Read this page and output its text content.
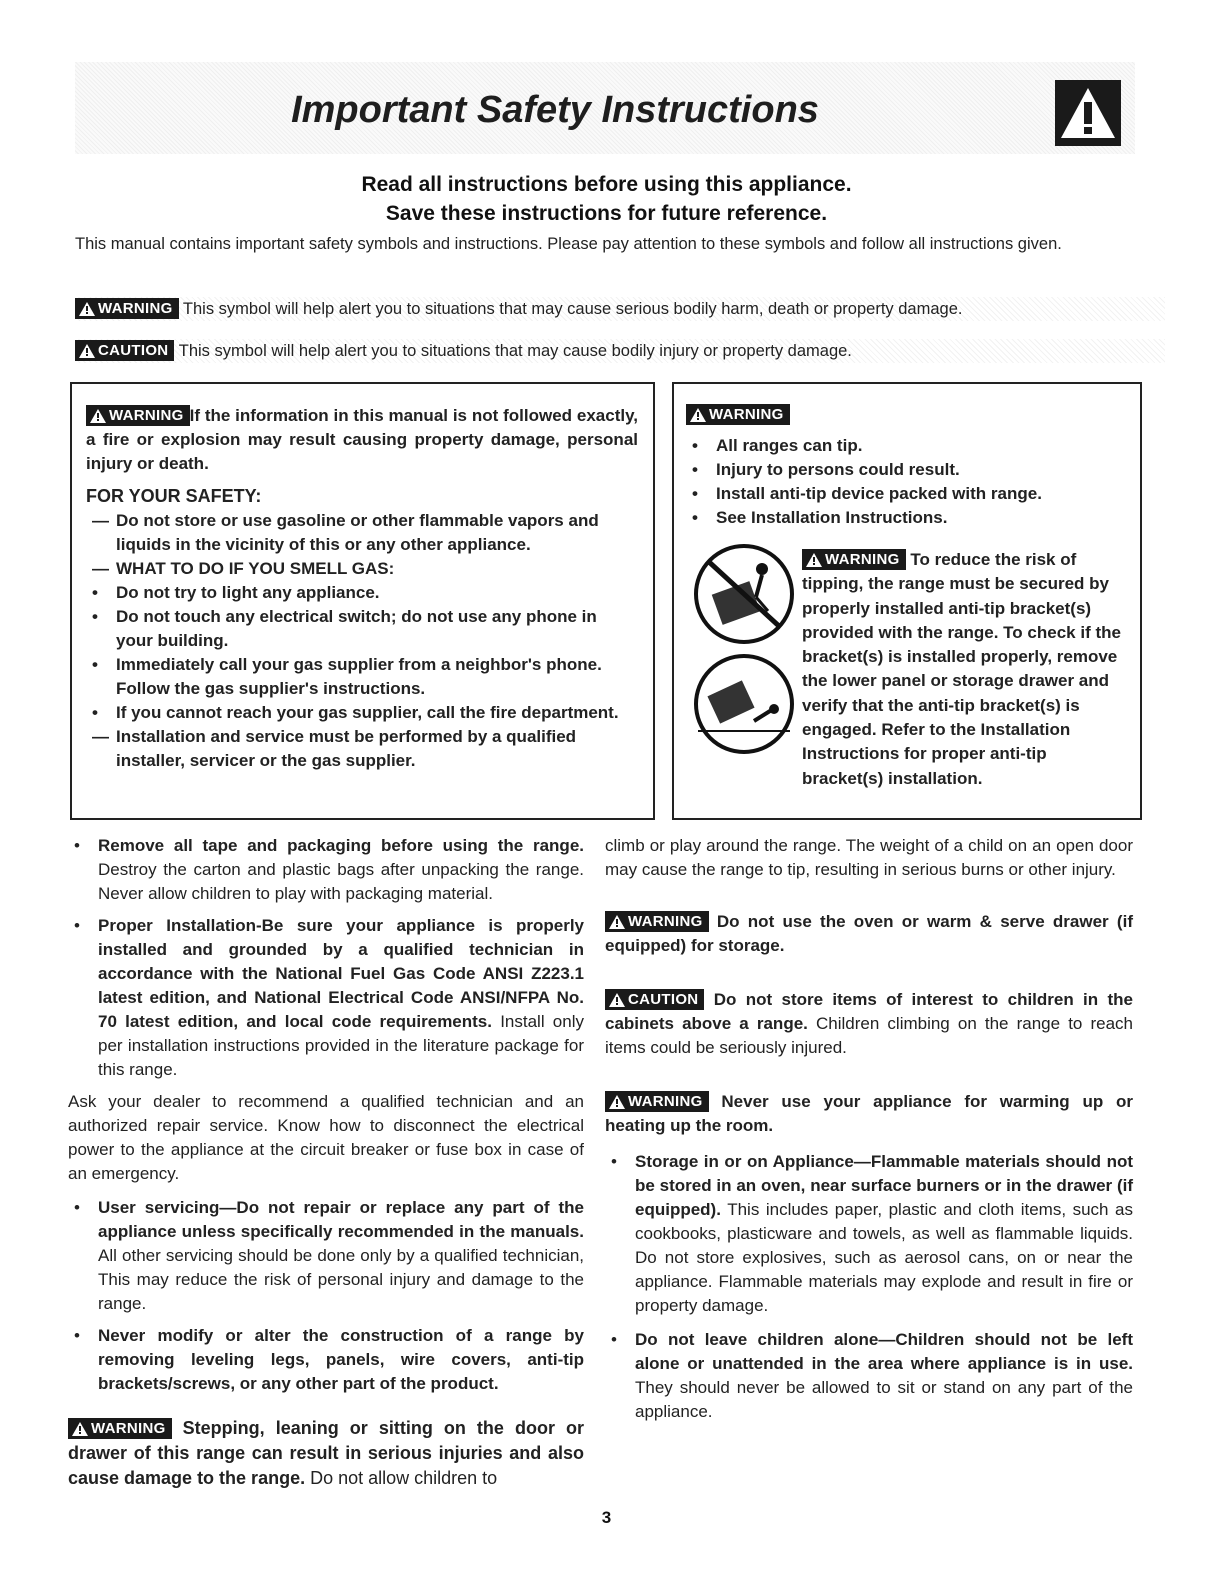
Important Safety Instructions
Read all instructions before using this appliance.
Save these instructions for future reference.
This manual contains important safety symbols and instructions. Please pay attention to these symbols and follow all instructions given.
WARNING This symbol will help alert you to situations that may cause serious bodily harm, death or property damage.
CAUTION This symbol will help alert you to situations that may cause bodily injury or property damage.
WARNING If the information in this manual is not followed exactly, a fire or explosion may result causing property damage, personal injury or death.
FOR YOUR SAFETY:
— Do not store or use gasoline or other flammable vapors and liquids in the vicinity of this or any other appliance.
— WHAT TO DO IF YOU SMELL GAS:
• Do not try to light any appliance.
• Do not touch any electrical switch; do not use any phone in your building.
• Immediately call your gas supplier from a neighbor's phone. Follow the gas supplier's instructions.
• If you cannot reach your gas supplier, call the fire department.
— Installation and service must be performed by a qualified installer, servicer or the gas supplier.
WARNING
• All ranges can tip.
• Injury to persons could result.
• Install anti-tip device packed with range.
• See Installation Instructions.
WARNING To reduce the risk of tipping, the range must be secured by properly installed anti-tip bracket(s) provided with the range. To check if the bracket(s) is installed properly, remove the lower panel or storage drawer and verify that the anti-tip bracket(s) is engaged. Refer to the Installation Instructions for proper anti-tip bracket(s) installation.
• Remove all tape and packaging before using the range. Destroy the carton and plastic bags after unpacking the range. Never allow children to play with packaging material.
• Proper Installation-Be sure your appliance is properly installed and grounded by a qualified technician in accordance with the National Fuel Gas Code ANSI Z223.1 latest edition, and National Electrical Code ANSI/NFPA No. 70 latest edition, and local code requirements. Install only per installation instructions provided in the literature package for this range.
Ask your dealer to recommend a qualified technician and an authorized repair service. Know how to disconnect the electrical power to the appliance at the circuit breaker or fuse box in case of an emergency.
• User servicing—Do not repair or replace any part of the appliance unless specifically recommended in the manuals. All other servicing should be done only by a qualified technician, This may reduce the risk of personal injury and damage to the range.
• Never modify or alter the construction of a range by removing leveling legs, panels, wire covers, anti-tip brackets/screws, or any other part of the product.
WARNING Stepping, leaning or sitting on the door or drawer of this range can result in serious injuries and also cause damage to the range. Do not allow children to
climb or play around the range. The weight of a child on an open door may cause the range to tip, resulting in serious burns or other injury.
WARNING Do not use the oven or warm & serve drawer (if equipped) for storage.
CAUTION Do not store items of interest to children in the cabinets above a range. Children climbing on the range to reach items could be seriously injured.
WARNING Never use your appliance for warming up or heating up the room.
• Storage in or on Appliance—Flammable materials should not be stored in an oven, near surface burners or in the drawer (if equipped). This includes paper, plastic and cloth items, such as cookbooks, plasticware and towels, as well as flammable liquids. Do not store explosives, such as aerosol cans, on or near the appliance. Flammable materials may explode and result in fire or property damage.
• Do not leave children alone—Children should not be left alone or unattended in the area where appliance is in use. They should never be allowed to sit or stand on any part of the appliance.
3
